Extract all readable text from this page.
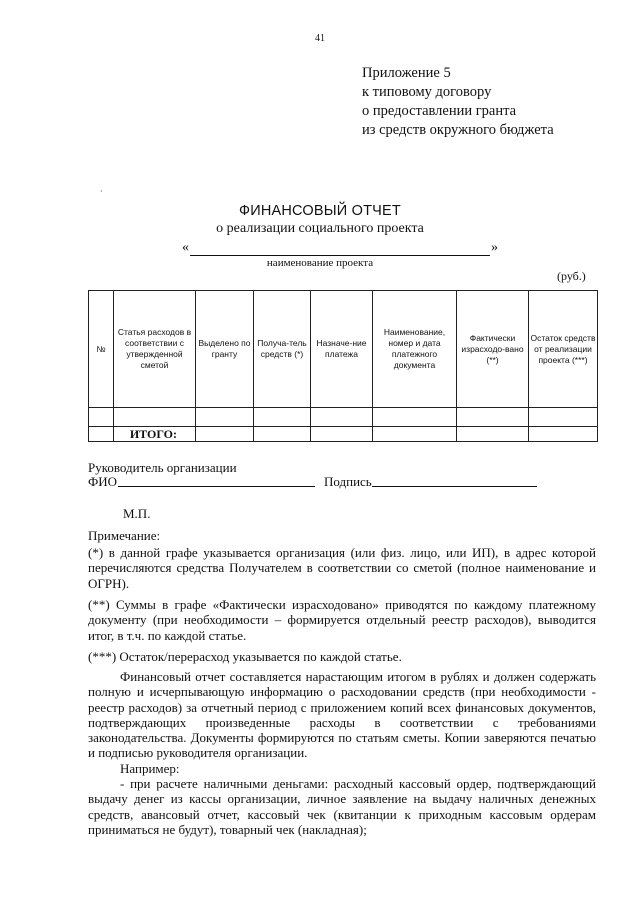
41
Приложение 5
к типовому договору
о предоставлении гранта
из средств окружного бюджета
·
ФИНАНСОВЫЙ ОТЧЕТ
о реализации социального проекта
«	»
наименование проекта
(руб.)
№	Статья расходов в соответствии с утвержденной сметой	Выделено по гранту	Получа-тель средств (*)	Назначе-ние платежа	Наименование, номер и дата платежного документа	Фактически израсходо-вано (**)	Остаток средств от реализации проекта (***)

	ИТОГО:						
Руководитель организации
ФИО	Подпись
М.П.
Примечание:
(*) в данной графе указывается организация (или физ. лицо, или ИП), в адрес которой перечисляются средства Получателем в соответствии со сметой (полное наименование и ОГРН).
(**) Суммы в графе «Фактически израсходовано» приводятся по каждому платежному документу (при необходимости – формируется отдельный реестр расходов), выводится итог, в т.ч. по каждой статье.
(***) Остаток/перерасход указывается по каждой статье.
Финансовый отчет составляется нарастающим итогом в рублях и должен содержать полную и исчерпывающую информацию о расходовании средств (при необходимости - реестр расходов) за отчетный период с приложением копий всех финансовых документов, подтверждающих произведенные расходы в соответствии с требованиями законодательства. Документы формируются по статьям сметы. Копии заверяются печатью и подписью руководителя организации.
Например:
- при расчете наличными деньгами: расходный кассовый ордер, подтверждающий выдачу денег из кассы организации, личное заявление на выдачу наличных денежных средств, авансовый отчет, кассовый чек (квитанции к приходным кассовым ордерам приниматься не будут), товарный чек (накладная);
